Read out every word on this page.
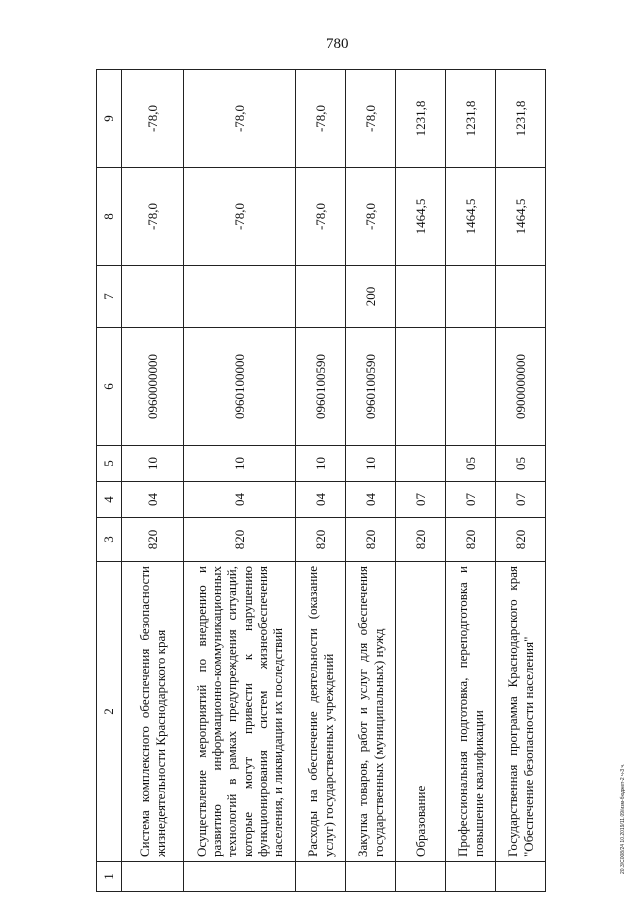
780
20.3/С008/24 10.2019/11.09/изм-бюджет-2 ч-3 ч.
1	2	3	4	5	6	7	8	9
	Система комплексного обеспечения безопасности жизнедеятельности Краснодарского края	820	04	10	0960000000		-78,0	-78,0
	Осуществление мероприятий по внедрению и развитию информационно-коммуникационных технологий в рамках предупреждения ситуаций, которые могут привести к нарушению функционирования систем жизнеобеспечения населения, и ликвидации их последствий	820	04	10	0960100000		-78,0	-78,0
	Расходы на обеспечение деятельности (оказание услуг) государственных учреждений	820	04	10	0960100590		-78,0	-78,0
	Закупка товаров, работ и услуг для обеспечения государственных (муниципальных) нужд	820	04	10	0960100590	200	-78,0	-78,0
	Образование	820	07				1464,5	1231,8
	Профессиональная подготовка, переподготовка и повышение квалификации	820	07	05			1464,5	1231,8
	Государственная программа Краснодарского края "Обеспечение безопасности населения"	820	07	05	0900000000		1464,5	1231,8
